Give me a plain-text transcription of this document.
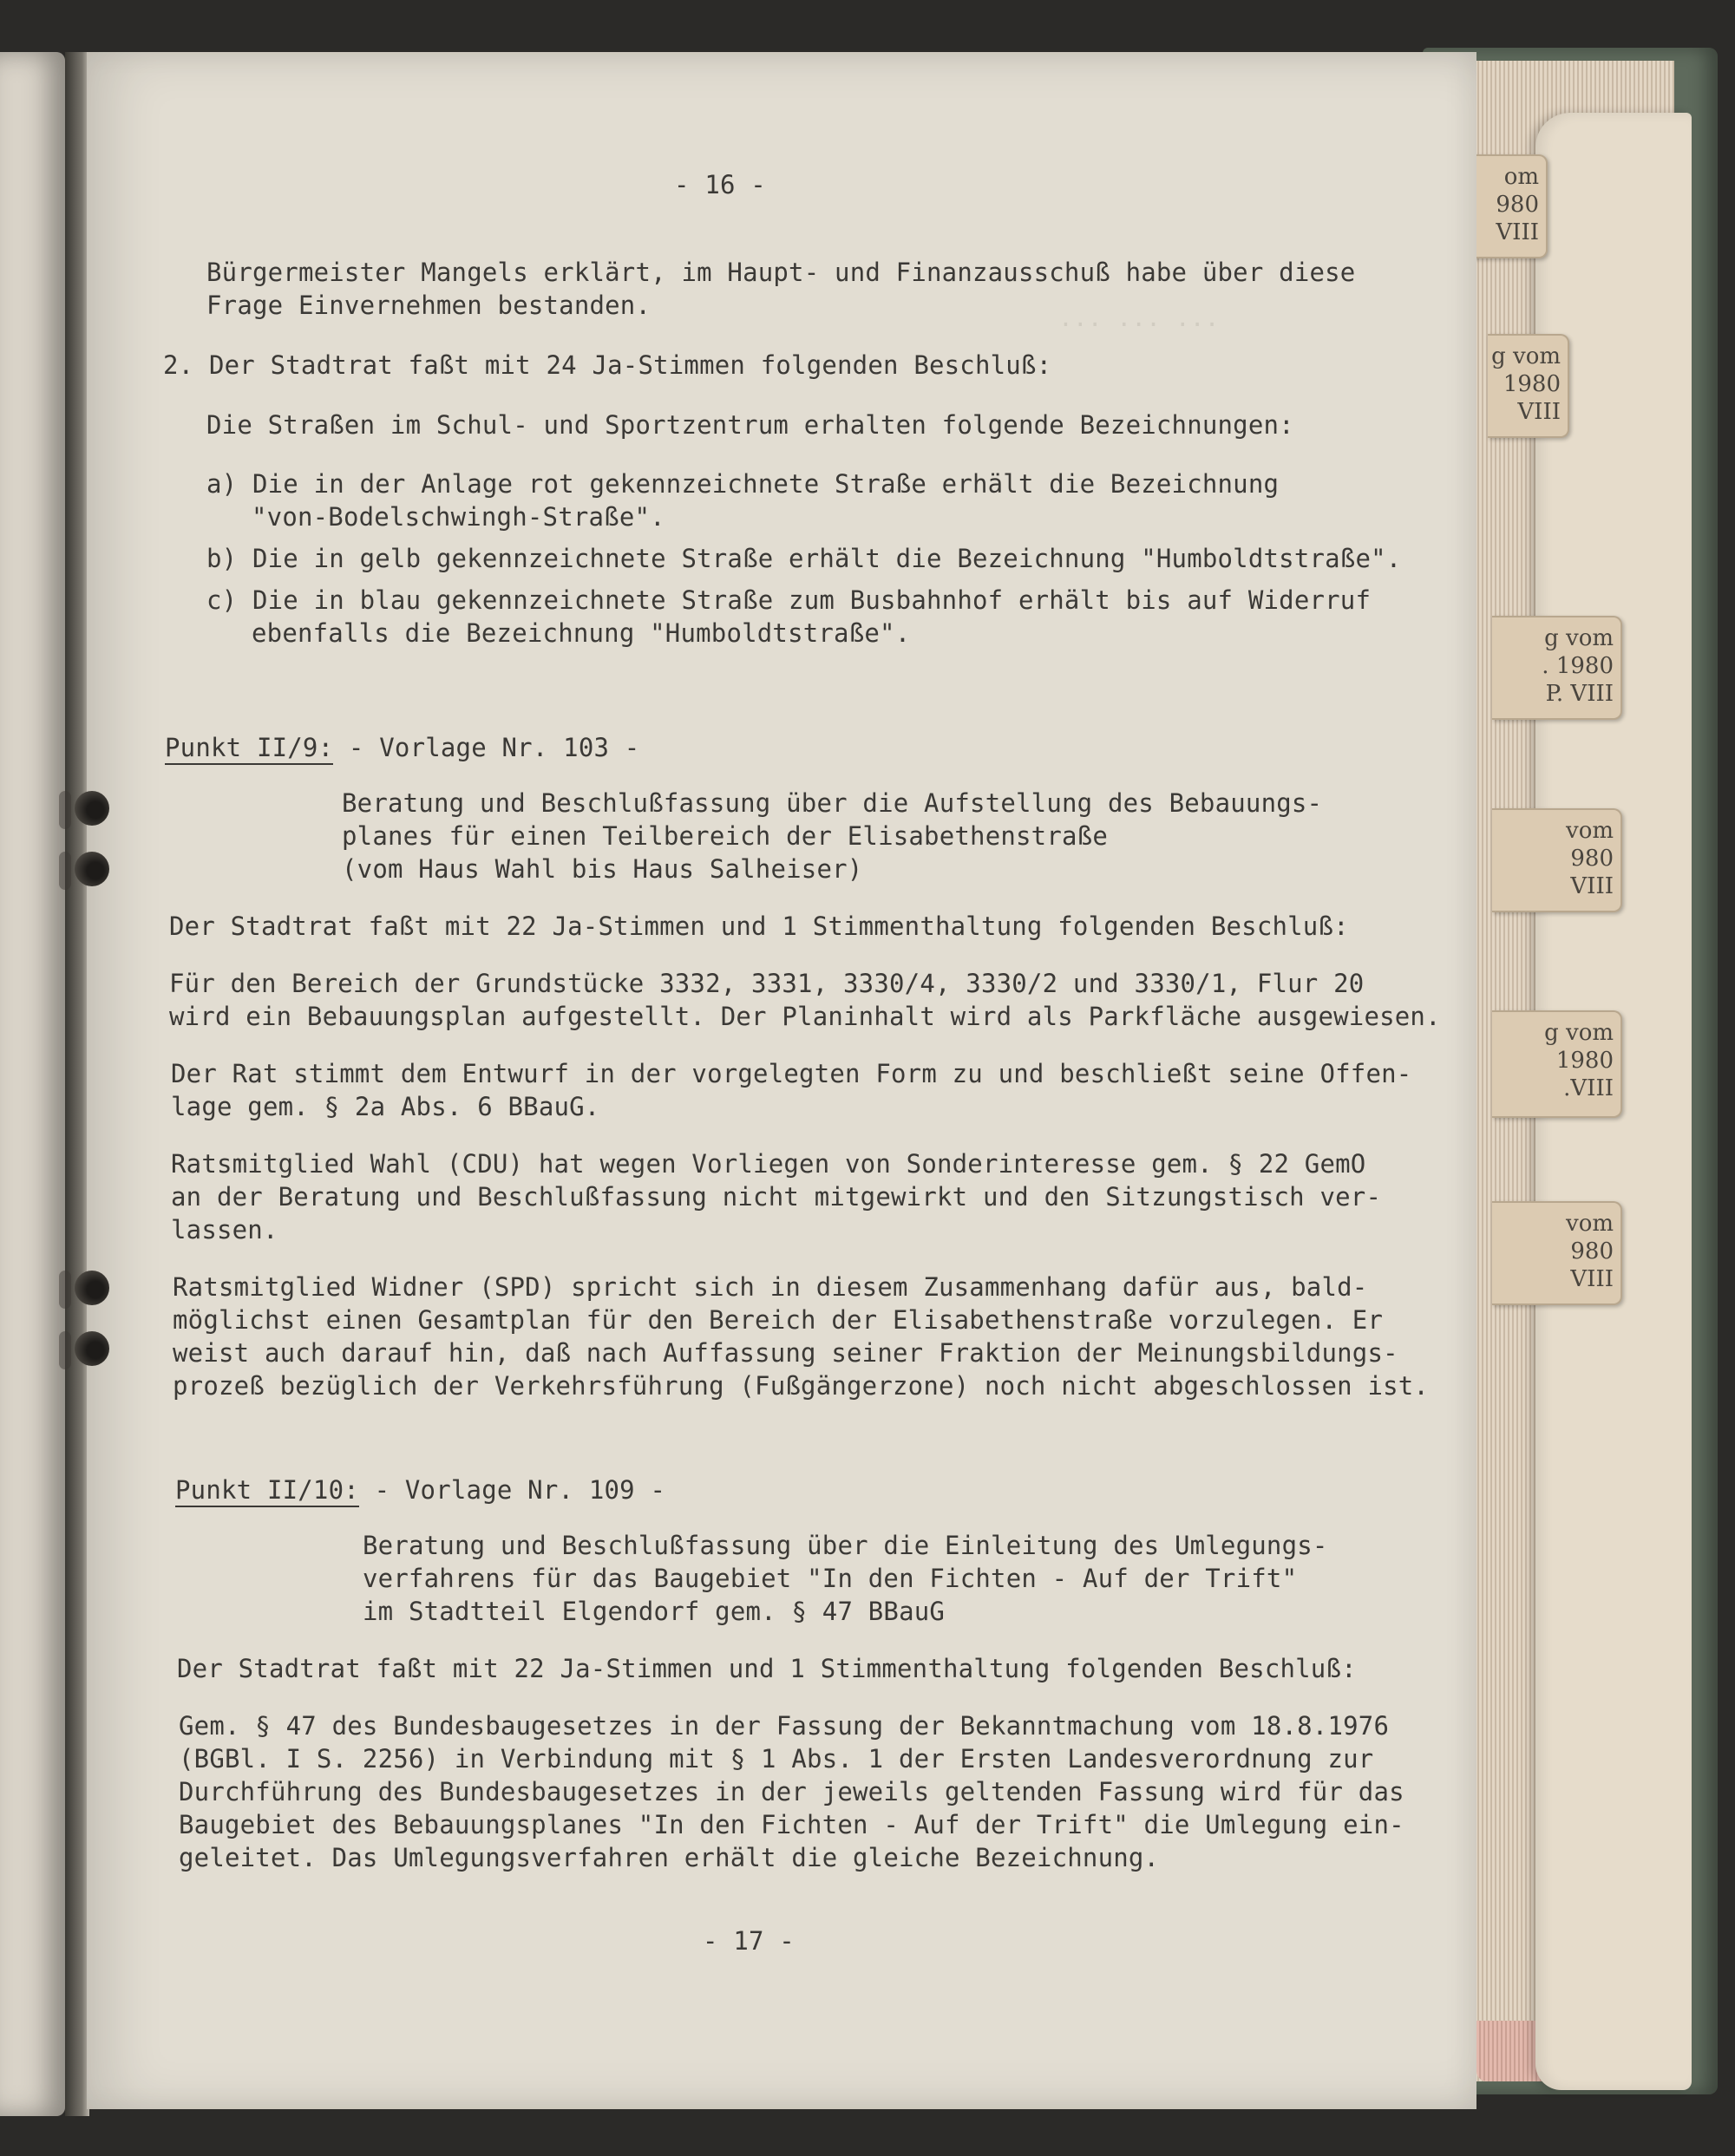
om
980
VIII
g vom
1980
VIII
g vom
. 1980
P. VIII
vom
980
VIII
g vom
1980
.VIII
vom
980
VIII
... ... ...
- 16 -
Bürgermeister Mangels erklärt, im Haupt- und Finanzausschuß habe über diese
Frage Einvernehmen bestanden.
2. Der Stadtrat faßt mit 24 Ja-Stimmen folgenden Beschluß:
Die Straßen im Schul- und Sportzentrum erhalten folgende Bezeichnungen:
a) Die in der Anlage rot gekennzeichnete Straße erhält die Bezeichnung
"von-Bodelschwingh-Straße".
b) Die in gelb gekennzeichnete Straße erhält die Bezeichnung "Humboldtstraße".
c) Die in blau gekennzeichnete Straße zum Busbahnhof erhält bis auf Widerruf
ebenfalls die Bezeichnung "Humboldtstraße".
Punkt II/9: - Vorlage Nr. 103 -
Beratung und Beschlußfassung über die Aufstellung des Bebauungs-
planes für einen Teilbereich der Elisabethenstraße
(vom Haus Wahl bis Haus Salheiser)
Der Stadtrat faßt mit 22 Ja-Stimmen und 1 Stimmenthaltung folgenden Beschluß:
Für den Bereich der Grundstücke 3332, 3331, 3330/4, 3330/2 und 3330/1, Flur 20
wird ein Bebauungsplan aufgestellt. Der Planinhalt wird als Parkfläche ausgewiesen.
Der Rat stimmt dem Entwurf in der vorgelegten Form zu und beschließt seine Offen-
lage gem. § 2a Abs. 6 BBauG.
Ratsmitglied Wahl (CDU) hat wegen Vorliegen von Sonderinteresse gem. § 22 GemO
an der Beratung und Beschlußfassung nicht mitgewirkt und den Sitzungstisch ver-
lassen.
Ratsmitglied Widner (SPD) spricht sich in diesem Zusammenhang dafür aus, bald-
möglichst einen Gesamtplan für den Bereich der Elisabethenstraße vorzulegen. Er
weist auch darauf hin, daß nach Auffassung seiner Fraktion der Meinungsbildungs-
prozeß bezüglich der Verkehrsführung (Fußgängerzone) noch nicht abgeschlossen ist.
Punkt II/10: - Vorlage Nr. 109 -
Beratung und Beschlußfassung über die Einleitung des Umlegungs-
verfahrens für das Baugebiet "In den Fichten - Auf der Trift"
im Stadtteil Elgendorf gem. § 47 BBauG
Der Stadtrat faßt mit 22 Ja-Stimmen und 1 Stimmenthaltung folgenden Beschluß:
Gem. § 47 des Bundesbaugesetzes in der Fassung der Bekanntmachung vom 18.8.1976
(BGBl. I S. 2256) in Verbindung mit § 1 Abs. 1 der Ersten Landesverordnung zur
Durchführung des Bundesbaugesetzes in der jeweils geltenden Fassung wird für das
Baugebiet des Bebauungsplanes "In den Fichten - Auf der Trift" die Umlegung ein-
geleitet. Das Umlegungsverfahren erhält die gleiche Bezeichnung.
- 17 -
